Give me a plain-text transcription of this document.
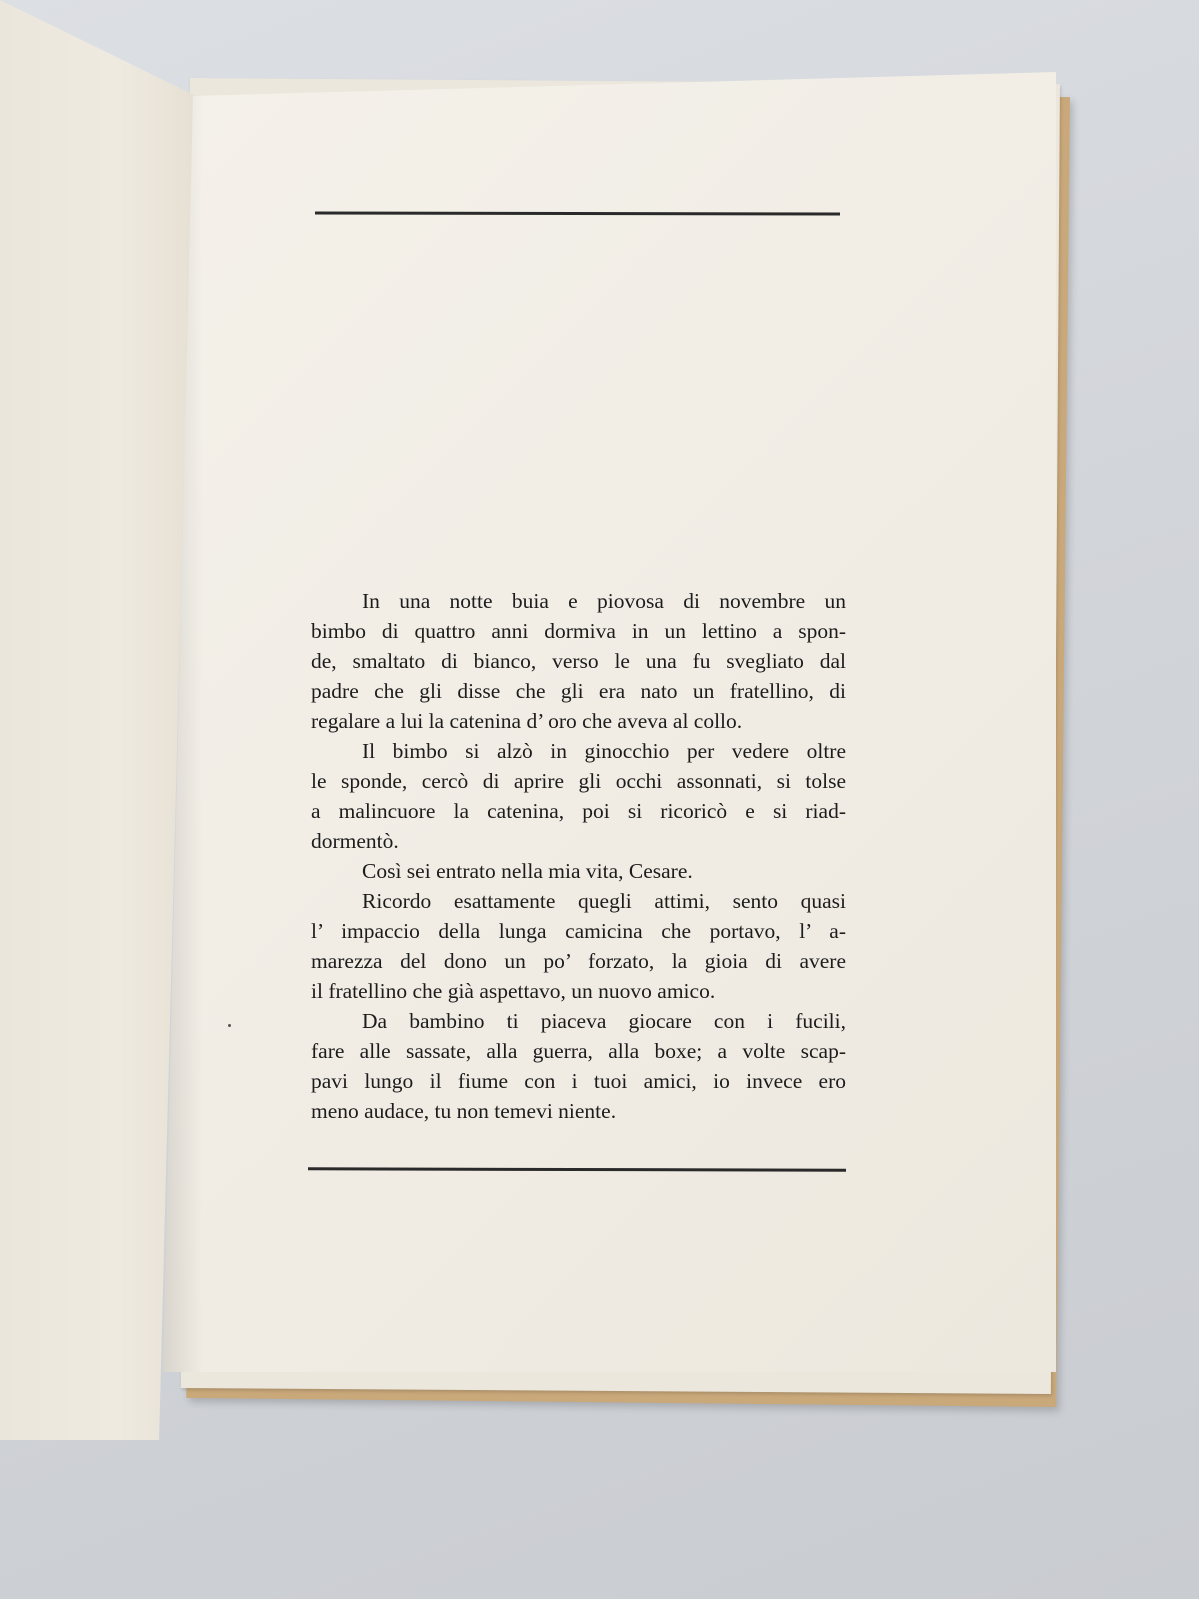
In una notte buia e piovosa di novembre un
bimbo di quattro anni dormiva in un lettino a spon-
de, smaltato di bianco, verso le una fu svegliato dal
padre che gli disse che gli era nato un fratellino, di
regalare a lui la catenina d’ oro che aveva al collo.
Il bimbo si alzò in ginocchio per vedere oltre
le sponde, cercò di aprire gli occhi assonnati, si tolse
a malincuore la catenina, poi si ricoricò e si riad-
dormentò.
Così sei entrato nella mia vita, Cesare.
Ricordo esattamente quegli attimi, sento quasi
l’ impaccio della lunga camicina che portavo, l’ a-
marezza del dono un po’ forzato, la gioia di avere
il fratellino che già aspettavo, un nuovo amico.
Da bambino ti piaceva giocare con i fucili,
fare alle sassate, alla guerra, alla boxe; a volte scap-
pavi lungo il fiume con i tuoi amici, io invece ero
meno audace, tu non temevi niente.
